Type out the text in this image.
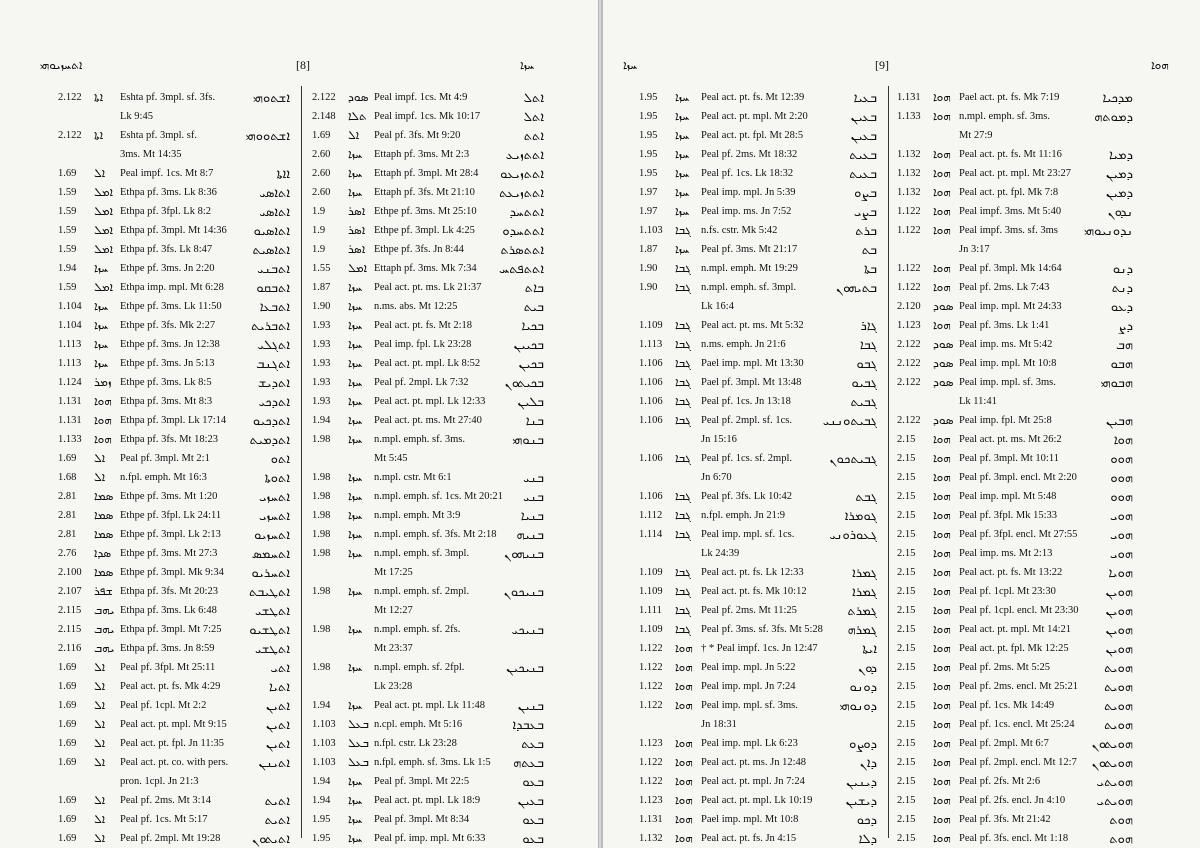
ܐܬܚܙܝܘܗܝ	[8]	ܚܙܐ
2.122 ܐܬܐ Eshta pf. 3mpl. sf. 3fs.	ܐܫܬܘܗܝ
Lk 9:45
2.122 ܐܬܐ Eshta pf. 3mpl. sf.	ܐܫܬܘܘܗܝ
3ms. Mt 14:35
1.69 ܐܠ Peal impf. 1cs. Mt 8:7	ܐܐܬܐ
1.59 ܐܡܠ Ethpa pf. 3ms. Lk 8:36	ܐܬܐܣܝ
1.59 ܐܡܠ Ethpa pf. 3fpl. Lk 8:2	ܐܬܐܣܝ
1.59 ܐܡܠ Ethpa pf. 3mpl. Mt 14:36 ܐܬܐܣܝܘ
1.59 ܐܡܠ Ethpa pf. 3fs. Lk 8:47	ܐܬܐܣܝܬ
1.94 ܚܙܐ Ethpe pf. 3ms. Jn 2:20	ܐܬܒܢܝ
1.59 ܐܡܠ Ethpa imp. mpl. Mt 6:28	ܐܬܒܩܘ
1.104 ܚܙܐ Ethpe pf. 3ms. Lk 11:50	ܐܬܒܥܐ
1.104 ܚܙܐ Ethpe pf. 3fs. Mk 2:27	ܐܬܒܪܝܬ
1.113 ܚܙܐ Ethpe pf. 3ms. Jn 12:38	ܐܬܓܠܝ
1.113 ܚܙܐ Ethpe pf. 3ms. Jn 5:13	ܐܬܓܢܒ
1.124 ܙܡܪ Ethpe pf. 3ms. Lk 8:5	ܐܬܕܝܫ
1.131 ܗܘܐ Ethpa pf. 3ms. Mt 8:3	ܐܬܕܟܝ
1.131 ܗܘܐ Ethpa pf. 3mpl. Lk 17:14 ܐܬܕܟܝܘ
1.133 ܗܘܐ Ethpa pf. 3fs. Mt 18:23 ܐܬܕܡܝܬ
1.69 ܐܠ Peal pf. 3mpl. Mt 2:1	ܐܬܘ
1.68 ܐܠ n.fpl. emph. Mt 16:3	ܐܬܘܬܐ
2.81 ܣܡܐ Ethpe pf. 3ms. Mt 1:20	ܐܬܚܙܝ
2.81 ܣܡܐ Ethpe pf. 3fpl. Lk 24:11	ܐܬܚܙܝ
2.81 ܣܡܐ Ethpe pf. 3mpl. Lk 2:13	ܐܬܚܙܝܘ
2.76 ܣܕܐ Ethpe pf. 3ms. Mt 27:3	ܐܬܚܡܣ
2.100 ܣܡܐ Ethpe pf. 3mpl. Mk 9:34 ܐܬܚܪܝܘ
2.107 ܫܦܪ Ethpa pf. 3fs. Mt 20:23 ܐܬܛܝܒܬ
2.115 ܝܗܒ Ethpa pf. 3ms. Lk 6:48	ܐܬܛܫܝ
2.115 ܝܗܒ Ethpa pf. 3mpl. Mt 7:25 ܐܬܛܫܝܘ
2.116 ܝܗܒ Ethpa pf. 3ms. Jn 8:59	ܐܬܛܫܝ
1.69 ܐܠ Peal pf. 3fpl. Mt 25:11	ܐܬܝ
1.69 ܐܠ Peal act. pt. fs. Mk 4:29	ܐܬܝܐ
1.69 ܐܠ Peal pf. 1cpl. Mt 2:2	ܐܬܝܢ
1.69 ܐܠ Peal act. pt. mpl. Mt 9:15	ܐܬܝܢ
1.69 ܐܠ Peal act. pt. fpl. Jn 11:35	ܐܬܝܢ
1.69 ܐܠ Peal act. pt. co. with pers. ܐܬܝܢܢ
pron. 1cpl. Jn 21:3
1.69 ܐܠ Peal pf. 2ms. Mt 3:14	ܐܬܝܬ
1.69 ܐܠ Peal pf. 1cs. Mt 5:17	ܐܬܝܬ
1.69 ܐܠ Peal pf. 2mpl. Mt 19:28 ܐܬܝܬܘܢ
2.122 ܣܘܕ Peal impf. 1cs. Mt 4:9	ܐܬܠ
2.148 ܬܠܐ Peal impf. 1cs. Mk 10:17	ܐܬܠ
1.69 ܐܠ Peal pf. 3fs. Mt 9:20	ܐܬܬ
2.60 ܚܙܐ Ettaph pf. 3ms. Mt 2:3	ܐܬܬܙܝܥ
2.60 ܚܙܐ Ettaph pf. 3mpl. Mt 28:4 ܐܬܬܙܝܥܘ
2.60 ܚܙܐ Ettaph pf. 3fs. Mt 21:10 ܐܬܬܙܝܥܬ
1.9 ܐܣܪ Ethpe pf. 3ms. Mt 25:10	ܐܬܬܚܕ
1.9 ܐܣܪ Ethpe pf. 3mpl. Lk 4:25 ܐܬܬܚܕܘ
1.9 ܐܣܪ Ethpe pf. 3fs. Jn 8:44	ܐܬܬܣܪܬ
1.55 ܐܡܠ Ettaph pf. 3ms. Mk 7:34 ܐܬܬܦܬܚ
1.87 ܚܙܐ Peal act. pt. ms. Lk 21:37	ܒܐܬ
1.90 ܚܙܐ n.ms. abs. Mt 12:25	ܒܝܬ
1.93 ܚܙܐ Peal act. pt. fs. Mt 2:18	ܒܟܝܐ
1.93 ܚܙܐ Peal imp. fpl. Lk 23:28	ܒܟܝܝܢ
1.93 ܚܙܐ Peal act. pt. mpl. Lk 8:52	ܒܟܝܢ
1.93 ܚܙܐ Peal pf. 2mpl. Lk 7:32	ܒܟܝܬܘܢ
1.93 ܚܙܐ Peal act. pt. mpl. Lk 12:33 ܒܠܝܢ
1.94 ܚܙܐ Peal act. pt. ms. Mt 27:40	ܒܢܐ
1.98 ܚܙܐ n.mpl. emph. sf. 3ms.	ܒܢܘܗܝ
Mt 5:45
1.98 ܚܙܐ n.mpl. cstr. Mt 6:1	ܒܢܝ
1.98 ܚܙܐ n.mpl. emph. sf. 1cs. Mt 20:21 ܒܢܝ
1.98 ܚܙܐ n.mpl. emph. Mt 3:9	ܒܢܝܐ
1.98 ܚܙܐ n.mpl. emph. sf. 3fs. Mt 2:18 ܒܢܝܗ
1.98 ܚܙܐ n.mpl. emph. sf. 3mpl.	ܒܢܝܗܘܢ
Mt 17:25
1.98 ܚܙܐ n.mpl. emph. sf. 2mpl.	ܒܢܝܟܘܢ
Mt 12:27
1.98 ܚܙܐ n.mpl. emph. sf. 2fs.	ܒܢܝܟܝ
Mt 23:37
1.98 ܚܙܐ n.mpl. emph. sf. 2fpl.	ܒܢܝܟܝܢ
Lk 23:28
1.94 ܚܙܐ Peal act. pt. mpl. Lk 11:48	ܒܢܝܢ
1.103 ܒܥܠ n.cpl. emph. Mt 5:16	ܒܥܒܕܐ
1.103 ܒܥܠ n.fpl. cstr. Lk 23:28	ܒܥܬ
1.103 ܒܥܠ n.fpl. emph. sf. 3ms. Lk 1:5 ܒܥܬܗ
1.94 ܚܙܐ Peal pf. 3mpl. Mt 22:5	ܒܥܘ
1.94 ܚܙܐ Peal act. pt. mpl. Lk 18:9	ܒܥܝܢ
1.95 ܚܙܐ Peal pf. 3mpl. Mt 8:34	ܒܥܘ
1.95 ܚܙܐ Peal pf. imp. mpl. Mt 6:33	ܒܥܘ
ܚܙܐ	[9]	ܗܘܐ
1.95 ܚܙܐ Peal act. pt. fs. Mt 12:39	ܒܥܝܐ
1.95 ܚܙܐ Peal act. pt. mpl. Mt 2:20	ܒܥܝܢ
1.95 ܚܙܐ Peal act. pt. fpl. Mt 28:5	ܒܥܝܢ
1.95 ܚܙܐ Peal pf. 2ms. Mt 18:32	ܒܥܝܬ
1.95 ܚܙܐ Peal pf. 1cs. Lk 18:32	ܒܥܝܬ
1.97 ܚܙܐ Peal imp. mpl. Jn 5:39	ܒܨܘ
1.97 ܚܙܐ Peal imp. ms. Jn 7:52	ܒܨܝ
1.103 ܓܒܐ n.fs. cstr. Mk 5:42	ܒܪܬ
1.87 ܚܙܐ Peal pf. 3ms. Mt 21:17	ܒܬ
1.90 ܓܒܐ n.mpl. emph. Mt 19:29	ܒܬܐ
1.90 ܓܒܐ n.mpl. emph. sf. 3mpl.	ܒܬܝܗܘܢ
Lk 16:4
1.109 ܓܒܐ Peal act. pt. ms. Mt 5:32	ܓܐܪ
1.113 ܓܒܐ n.ms. emph. Jn 21:6	ܓܒܐ
1.106 ܓܒܐ Pael imp. mpl. Mt 13:30	ܓܒܘ
1.106 ܓܒܐ Pael pf. 3mpl. Mt 13:48	ܓܒܝܘ
1.106 ܓܒܐ Peal pf. 1cs. Jn 13:18	ܓܒܝܬ
1.106 ܓܒܐ Peal pf. 2mpl. sf. 1cs. ܓܒܝܬܘܢܢܝ
Jn 15:16
1.106 ܓܒܐ Peal pf. 1cs. sf. 2mpl.	ܓܒܝܬܟܘܢ
Jn 6:70
1.106 ܓܒܐ Peal pf. 3fs. Lk 10:42	ܓܒܬ
1.112 ܓܒܐ n.fpl. emph. Jn 21:9	ܓܘܡܪܐ
1.114 ܓܒܐ Peal imp. mpl. sf. 1cs.	ܓܥܘܪܘܢܝ
Lk 24:39
1.109 ܓܒܐ Peal act. pt. fs. Lk 12:33	ܓܡܪܐ
1.109 ܓܒܐ Peal act. pt. fs. Mk 10:12	ܓܡܪܐ
1.111 ܓܒܐ Peal pf. 2ms. Mt 11:25	ܓܡܪܬ
1.109 ܓܒܐ Peal pf. 3ms. sf. 3fs. Mt 5:28 ܓܡܪܗ
1.122 ܗܘܐ † * Peal impf. 1cs. Jn 12:47	ܐܝܬܐ
1.122 ܗܘܐ Peal imp. mpl. Jn 5:22	ܕܘܢ
1.122 ܗܘܐ Peal imp. mpl. Jn 7:24	ܕܘܢܘ
1.122 ܗܘܐ Peal imp. mpl. sf. 3ms.	ܕܘܢܘܗܝ
Jn 18:31
1.123 ܗܘܐ Peal imp. mpl. Lk 6:23	ܕܘܨܘ
1.122 ܗܘܐ Peal act. pt. ms. Jn 12:48	ܕܐܢ
1.122 ܗܘܐ Peal act. pt. mpl. Jn 7:24	ܕܝܢܝܢ
1.123 ܗܘܐ Peal act. pt. mpl. Lk 10:19	ܕܝܫܝܢ
1.131 ܗܘܐ Pael imp. mpl. Mt 10:8	ܕܟܘ
1.132 ܗܘܐ Peal act. pt. fs. Jn 4:15	ܕܠܐ
1.131 ܗܘܐ Pael act. pt. fs. Mk 7:19	ܡܕܟܝܐ
1.133 ܗܘܐ n.mpl. emph. sf. 3ms.	ܕܡܘܬܗ
Mt 27:9
1.132 ܗܘܐ Peal act. pt. fs. Mt 11:16	ܕܡܝܐ
1.132 ܗܘܐ Peal act. pt. mpl. Mt 23:27	ܕܡܝܢ
1.132 ܗܘܐ Peal act. pt. fpl. Mk 7:8	ܕܡܝܢ
1.122 ܗܘܐ Peal impf. 3ms. Mt 5:40	ܢܕܘܢ
1.122 ܗܘܐ Peal impf. 3ms. sf. 3ms ܢܕܘܢܝܘܗܝ
Jn 3:17
1.122 ܗܘܐ Peal pf. 3mpl. Mk 14:64	ܕܢܘ
1.122 ܗܘܐ Peal pf. 2ms. Lk 7:43	ܕܢܬ
2.120 ܣܘܕ Peal imp. mpl. Mt 24:33	ܕܥܘ
1.123 ܗܘܐ Peal pf. 3ms. Lk 1:41	ܕܨ
2.122 ܣܘܕ Peal imp. ms. Mt 5:42	ܗܒ
2.122 ܣܘܕ Peal imp. mpl. Mt 10:8	ܗܒܘ
2.122 ܣܘܕ Peal imp. mpl. sf. 3ms.	ܗܒܘܗܝ
Lk 11:41
2.122 ܣܘܕ Peal imp. fpl. Mt 25:8	ܗܒܝܢ
2.15 ܗܘܐ Peal act. pt. ms. Mt 26:2	ܗܘܐ
2.15 ܗܘܐ Peal pf. 3mpl. Mt 10:11	ܗܘܘ
2.15 ܗܘܐ Peal pf. 3mpl. encl. Mt 2:20	ܗܘܘ
2.15 ܗܘܐ Peal imp. mpl. Mt 5:48	ܗܘܘ
2.15 ܗܘܐ Peal pf. 3fpl. Mk 15:33	ܗܘܝ
2.15 ܗܘܐ Peal pf. 3fpl. encl. Mt 27:55	ܗܘܝ
2.15 ܗܘܐ Peal imp. ms. Mt 2:13	ܗܘܝ
2.15 ܗܘܐ Peal act. pt. fs. Mt 13:22	ܗܘܝܐ
2.15 ܗܘܐ Peal pf. 1cpl. Mt 23:30	ܗܘܝܢ
2.15 ܗܘܐ Peal pf. 1cpl. encl. Mt 23:30 ܗܘܝܢ
2.15 ܗܘܐ Peal act. pt. mpl. Mt 14:21	ܗܘܝܢ
2.15 ܗܘܐ Peal act. pt. fpl. Mk 12:25	ܗܘܝܢ
2.15 ܗܘܐ Peal pf. 2ms. Mt 5:25	ܗܘܝܬ
2.15 ܗܘܐ Peal pf. 2ms. encl. Mt 25:21 ܗܘܝܬ
2.15 ܗܘܐ Peal pf. 1cs. Mk 14:49	ܗܘܝܬ
2.15 ܗܘܐ Peal pf. 1cs. encl. Mt 25:24 ܗܘܝܬ
2.15 ܗܘܐ Peal pf. 2mpl. Mt 6:7	ܗܘܝܬܘܢ
2.15 ܗܘܐ Peal pf. 2mpl. encl. Mt 12:7 ܗܘܝܬܘܢ
2.15 ܗܘܐ Peal pf. 2fs. Mt 2:6	ܗܘܝܬܝ
2.15 ܗܘܐ Peal pf. 2fs. encl. Jn 4:10 ܗܘܝܬܝ
2.15 ܗܘܐ Peal pf. 3fs. Mt 21:42	ܗܘܬ
2.15 ܗܘܐ Peal pf. 3fs. encl. Mt 1:18	ܗܘܬ
